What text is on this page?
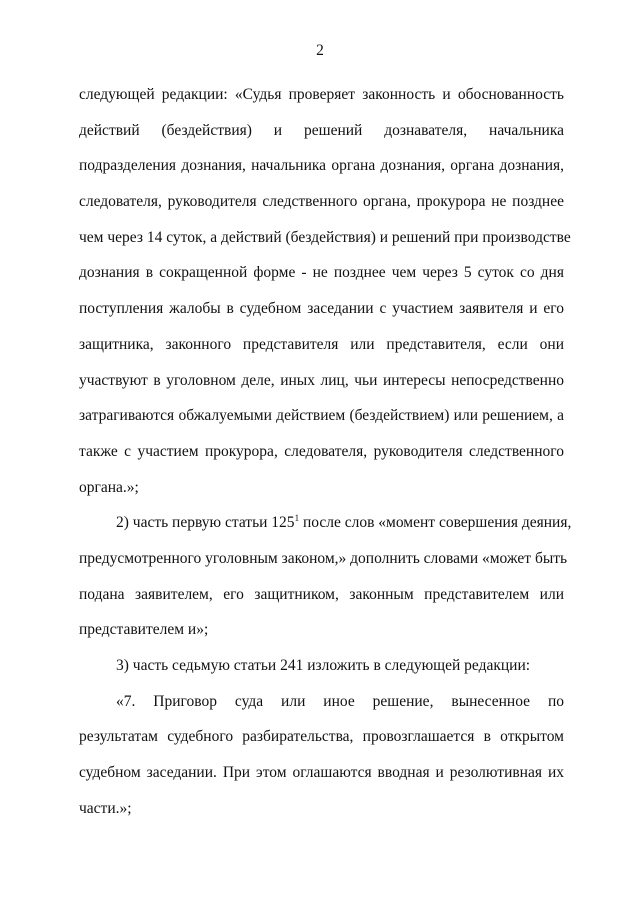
2
следующей редакции: «Судья проверяет законность и обоснованность
действий (бездействия) и решений дознавателя, начальника
подразделения дознания, начальника органа дознания, органа дознания,
следователя, руководителя следственного органа, прокурора не позднее
чем через 14 суток, а действий (бездействия) и решений при производстве
дознания в сокращенной форме - не позднее чем через 5 суток со дня
поступления жалобы в судебном заседании с участием заявителя и его
защитника, законного представителя или представителя, если они
участвуют в уголовном деле, иных лиц, чьи интересы непосредственно
затрагиваются обжалуемыми действием (бездействием) или решением, а
также с участием прокурора, следователя, руководителя следственного
органа.»;
2) часть первую статьи $125^1$ после слов «момент совершения деяния,
предусмотренного уголовным законом,» дополнить словами «может быть
подана заявителем, его защитником, законным представителем или
представителем и»;
3) часть седьмую статьи 241 изложить в следующей редакции:
«7. Приговор суда или иное решение, вынесенное по
результатам судебного разбирательства, провозглашается в открытом
судебном заседании. При этом оглашаются вводная и резолютивная их
части.»;
